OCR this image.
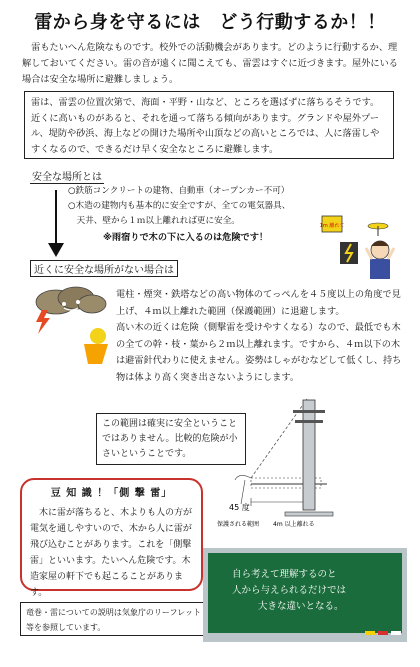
雷から身を守るには　どう行動するか！！
　雷もたいへん危険なものです。校外での活動機会があります。どのように行動するか、理解しておいてください。雷の音が遠くに聞こえても、雷雲はすぐに近づきます。屋外にいる場合は安全な場所に避難しましょう。
雷は、雷雲の位置次第で、海面・平野・山など、ところを選ばずに落ちるそうです。近くに高いものがあると、それを通って落ちる傾向があります。グランドや屋外プール、堤防や砂浜、海上などの開けた場所や山頂などの高いところでは、人に落雷しやすくなるので、できるだけ早く安全なところに避難します。
安全な場所とは
○鉄筋コンクリートの建物、自動車（オープンカー不可）
○木造の建物内も基本的に安全ですが、全ての電気器具、
　天井、壁から１ｍ以上離れれば更に安全。
※雨宿りで木の下に入るのは危険です！
1m 離れて
近くに安全な場所がない場合は
電柱・煙突・鉄塔などの高い物体のてっぺんを４５度以上の角度で見上げ、４ｍ以上離れた範囲（保護範囲）に退避します。
高い木の近くは危険（側撃雷を受けやすくなる）なので、最低でも木の全ての幹・枝・葉から２ｍ以上離れます。ですから、４ｍ以下の木は避雷針代わりに使えません。姿勢はしゃがむなどして低くし、持ち物は体より高く突き出さないようにします。
この範囲は確実に安全ということではありません。比較的危険が小さいということです。
45 度
保護される範囲 4m 以上離れる
豆 知 識 ！「側 撃 雷」
　木に雷が落ちると、木よりも人の方が電気を通しやすいので、木から人に雷が飛び込むことがあります。これを「側撃雷」といいます。たいへん危険です。木造家屋の軒下でも起こることがあります。
竜巻・雷についての説明は気象庁のリーフレット等を参照しています。
自ら考えて理解するのと
人から与えられるだけでは
大きな違いとなる。
